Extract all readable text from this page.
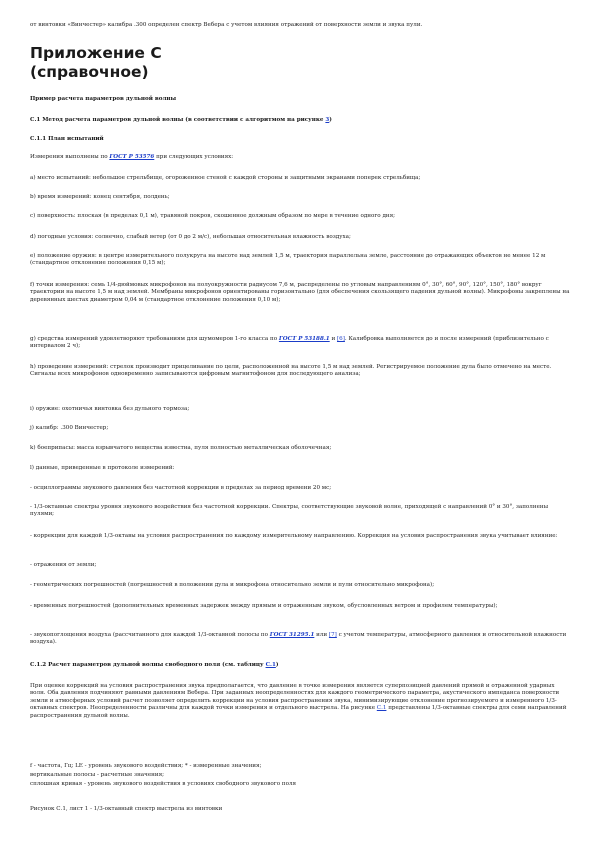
от винтовки «Винчестер» калибра .300 определен спектр Вебера с учетом влияния отражений от поверхности земли и звука пули.
Приложение С
(справочное)
Пример расчета параметров дульной волны
С.1 Метод расчета параметров дульной волны (в соответствии с алгоритмом на рисунке 3)
С.1.1 План испытаний
Измерения выполнены по ГОСТ Р 53576 при следующих условиях:
а) место испытаний: небольшое стрельбище, огороженное стеной с каждой стороны и защитными экранами поперек стрельбища;
b) время измерений: конец сентября, полдень;
с) поверхность: плоская (в пределах 0,1 м), травяной покров, скошенное должным образом по мере в течение одного дня;
d) погодные условия: солнечно, слабый ветер (от 0 до 2 м/с), небольшая относительная влажность воздуха;
е) положение оружия: в центре измерительного полукруга на высоте над землей 1,5 м, траектория параллельна земле, расстояние до отражающих объектов не менее 12 м (стандартное отклонение положения 0,15 м);
f) точки измерения: семь 1/4-дюймовых микрофонов на полуокружности радиусом 7,6 м, распределены по угловым направлениям 0°, 30°, 60°, 90°, 120°, 150°, 180° вокруг траектории на высоте 1,5 м над землей. Мембраны микрофонов ориентированы горизонтально (для обеспечения скользящего падения дульной волны). Микрофоны закреплены на деревянных шестах диаметром 0,04 м (стандартное отклонение положения 0,10 м);
g) средства измерений удовлетворяют требованиям для шумомеров 1-го класса по ГОСТ Р 53188.1 и [6]. Калибровка выполняется до и после измерений (приблизительно с интервалом 2 ч);
h) проведение измерений: стрелок производит прицеливание по цели, расположенной на высоте 1,5 м над землей. Регистрируемое положение дула было отмечено на месте. Сигналы всех микрофонов одновременно записываются цифровым магнитофоном для последующего анализа;
i) оружие: охотничья винтовка без дульного тормоза;
j) калибр: .300 Винчестер;
k) боеприпасы: масса взрывчатого вещества известна, пуля полностью металлическая оболочечная;
l) данные, приведенные в протоколе измерений:
- осциллограммы звукового давления без частотной коррекции в пределах за период времени 20 мс;
- 1/3-октавные спектры уровня звукового воздействия без частотной коррекции. Спектры, соответствующие звуковой волне, приходящей с направлений 0° и 30°, заполнены пулями;
- коррекции для каждой 1/3-октавы на условия распространения по каждому измерительному направлению. Коррекция на условия распространения звука учитывает влияние:
- отражения от земли;
- геометрических погрешностей (погрешностей в положении дула и микрофона относительно земли и пули относительно микрофона);
- временных погрешностей (дополнительных временных задержек между прямым и отраженным звуком, обусловленных ветром и профилем температуры);
- звукопоглощения воздуха (рассчитанного для каждой 1/3-октавной полосы по ГОСТ 31295.1 или [7] с учетом температуры, атмосферного давления и относительной влажности воздуха).
С.1.2 Расчет параметров дульной волны свободного поля (см. таблицу С.1)
При оценке коррекций на условия распространения звука предполагается, что давление в точке измерения является суперпозицией давлений прямой и отраженной ударных волн. Оба давления подчиняют равными давлениям Вебера. При заданных неопределенностях для каждого геометрического параметра, акустического импеданса поверхности земли и атмосферных условий расчет позволяет определить коррекции на условия распространения звука, минимизирующие отклонение прогнозируемого и измеренного 1/3-октавных спектров. Неопределенности различны для каждой точки измерения и отдельного выстрела. На рисунке С.1 представлены 1/3-октавные спектры для семи направлений распространения дульной волны.
f - частота, Гц; LE - уровень звукового воздействия; * - измеренные значения;
вертикальные полосы - расчетные значения;
сплошная кривая - уровень звукового воздействия в условиях свободного звукового поля
Рисунок С.1, лист 1 - 1/3-октавный спектр выстрела из винтовки
